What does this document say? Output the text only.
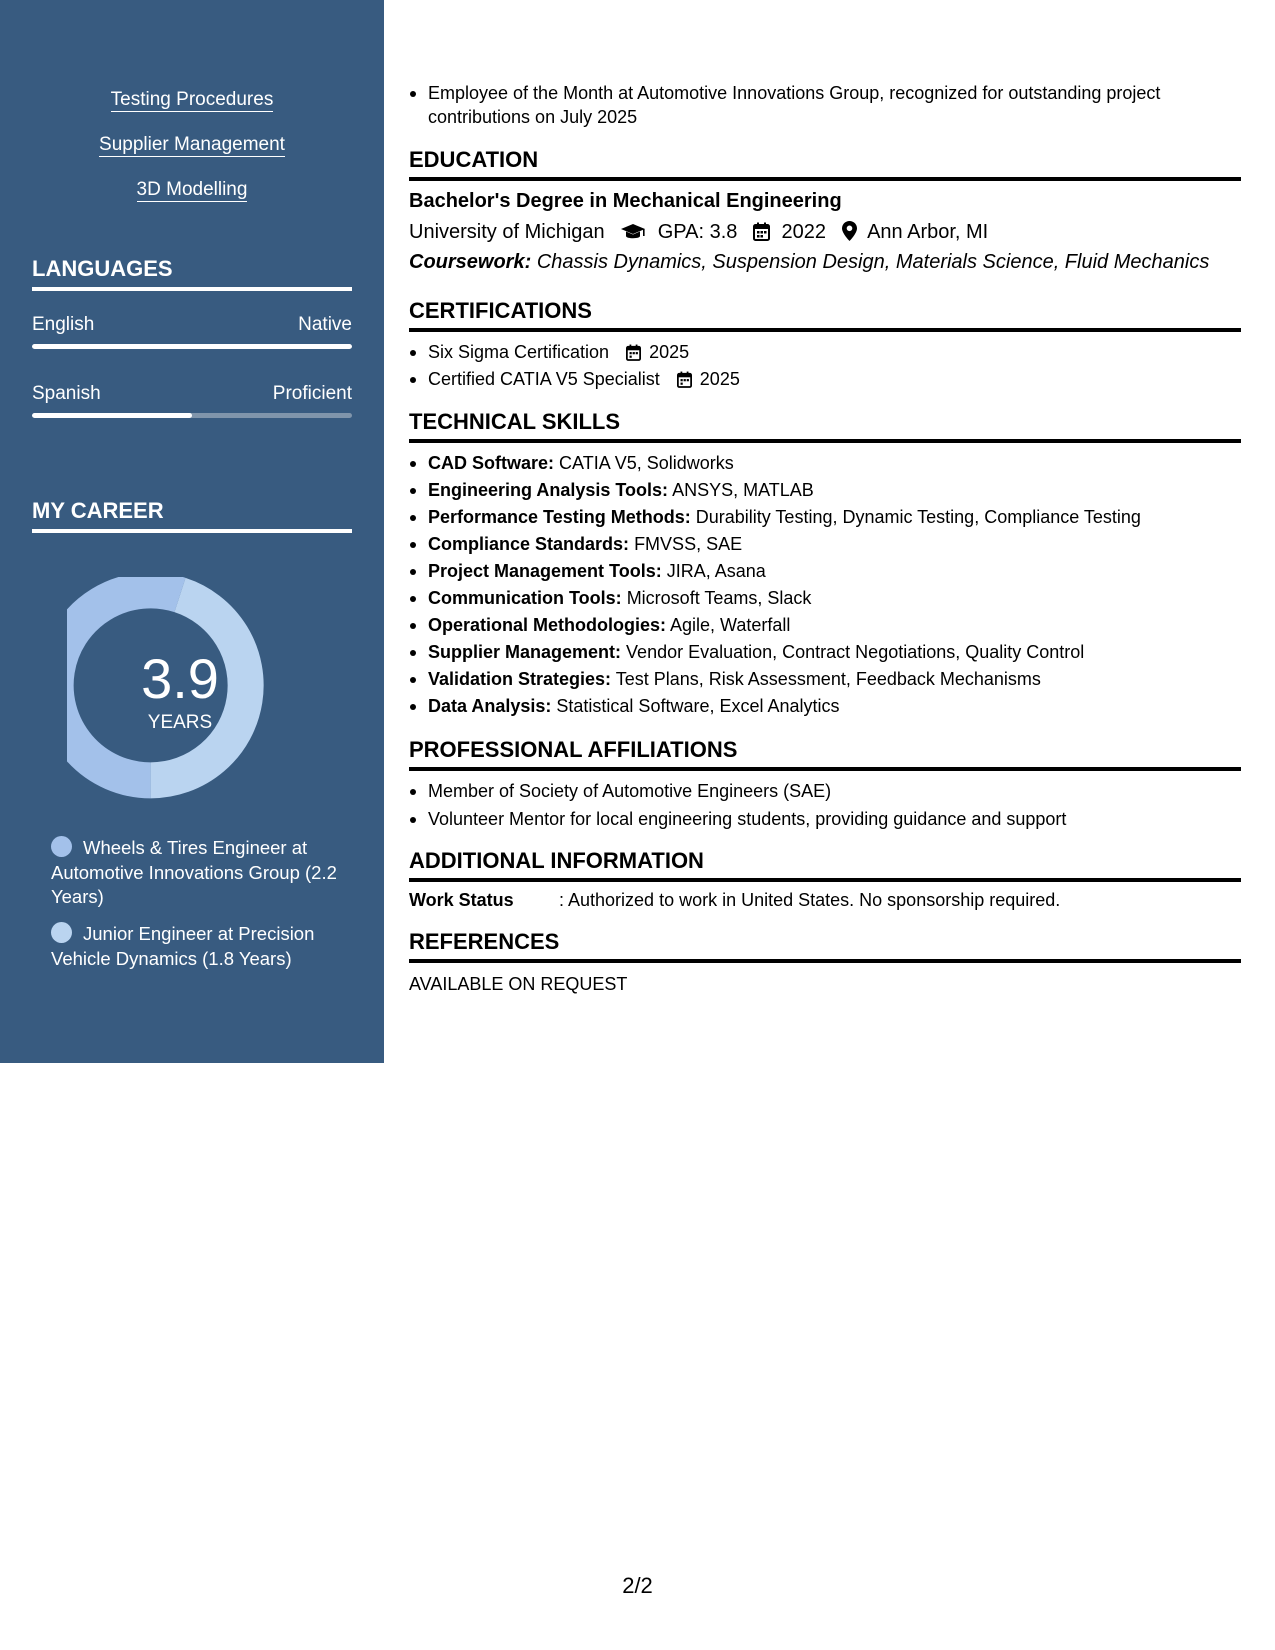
Testing Procedures
Supplier Management
3D Modelling
LANGUAGES
English	Native
Spanish	Proficient
MY CAREER
3.9
YEARS
Wheels & Tires Engineer at Automotive Innovations Group (2.2 Years)
Junior Engineer at Precision Vehicle Dynamics (1.8 Years)
Employee of the Month at Automotive Innovations Group, recognized for outstanding project contributions on July 2025
EDUCATION
Bachelor's Degree in Mechanical Engineering
University of Michigan	GPA: 3.8 2022 Ann Arbor, MI
Coursework: Chassis Dynamics, Suspension Design, Materials Science, Fluid Mechanics
CERTIFICATIONS
Six Sigma Certification 2025
Certified CATIA V5 Specialist 2025
TECHNICAL SKILLS
CAD Software: CATIA V5, Solidworks
Engineering Analysis Tools: ANSYS, MATLAB
Performance Testing Methods: Durability Testing, Dynamic Testing, Compliance Testing
Compliance Standards: FMVSS, SAE
Project Management Tools: JIRA, Asana
Communication Tools: Microsoft Teams, Slack
Operational Methodologies: Agile, Waterfall
Supplier Management: Vendor Evaluation, Contract Negotiations, Quality Control
Validation Strategies: Test Plans, Risk Assessment, Feedback Mechanisms
Data Analysis: Statistical Software, Excel Analytics
PROFESSIONAL AFFILIATIONS
Member of Society of Automotive Engineers (SAE)
Volunteer Mentor for local engineering students, providing guidance and support
ADDITIONAL INFORMATION
Work Status	: Authorized to work in United States. No sponsorship required.
REFERENCES
AVAILABLE ON REQUEST
2/2
